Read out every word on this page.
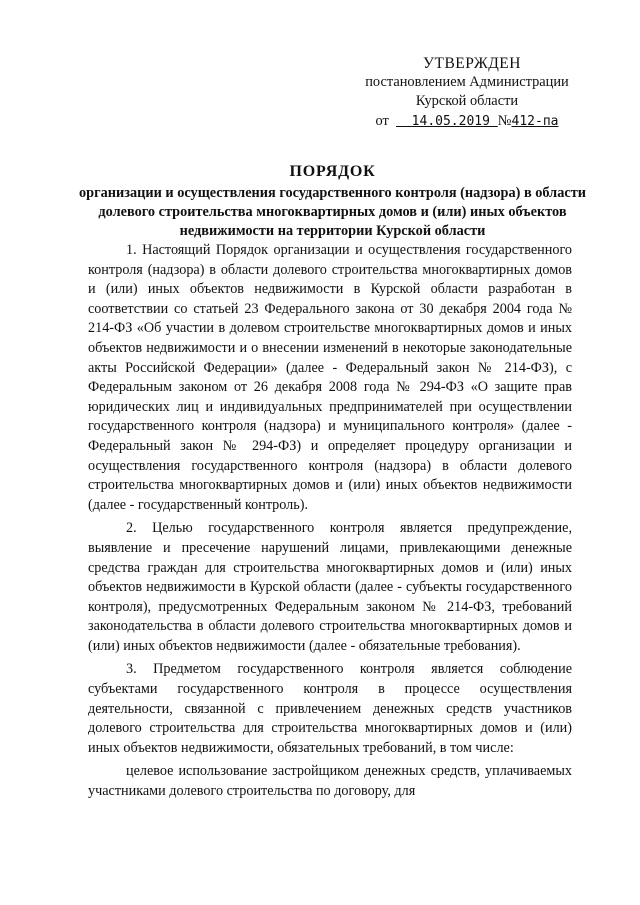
УТВЕРЖДЕН
постановлением Администрации
Курской области
от 14.05.2019 №412-па
ПОРЯДОК
организации и осуществления государственного контроля (надзора) в области долевого строительства многоквартирных домов и (или) иных объектов недвижимости на территории Курской области

1. Настоящий Порядок организации и осуществления государственного контроля (надзора) в области долевого строительства многоквартирных домов и (или) иных объектов недвижимости в Курской области разработан в соответствии со статьей 23 Федерального закона от 30 декабря 2004 года № 214-ФЗ «Об участии в долевом строительстве многоквартирных домов и иных объектов недвижимости и о внесении изменений в некоторые законодательные акты Российской Федерации» (далее - Федеральный закон № 214-ФЗ), с Федеральным законом от 26 декабря 2008 года № 294-ФЗ «О защите прав юридических лиц и индивидуальных предпринимателей при осуществлении государственного контроля (надзора) и муниципального контроля» (далее - Федеральный закон № 294-ФЗ) и определяет процедуру организации и осуществления государственного контроля (надзора) в области долевого строительства многоквартирных домов и (или) иных объектов недвижимости (далее - государственный контроль).

2. Целью государственного контроля является предупреждение, выявление и пресечение нарушений лицами, привлекающими денежные средства граждан для строительства многоквартирных домов и (или) иных объектов недвижимости в Курской области (далее - субъекты государственного контроля), предусмотренных Федеральным законом № 214-ФЗ, требований законодательства в области долевого строительства многоквартирных домов и (или) иных объектов недвижимости (далее - обязательные требования).

3. Предметом государственного контроля является соблюдение субъектами государственного контроля в процессе осуществления деятельности, связанной с привлечением денежных средств участников долевого строительства для строительства многоквартирных домов и (или) иных объектов недвижимости, обязательных требований, в том числе:

целевое использование застройщиком денежных средств, уплачиваемых участниками долевого строительства по договору, для
